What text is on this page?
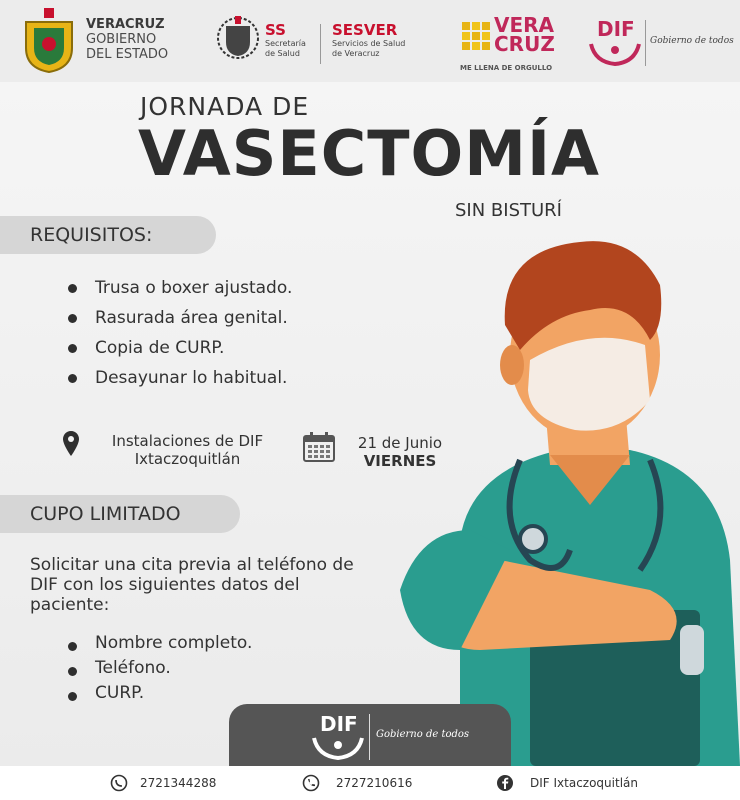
VERACRUZ
GOBIERNO
DEL ESTADO
SS
Secretaría
de Salud
SESVER
Servicios de Salud
de Veracruz
VERA
CRUZ
ME LLENA DE ORGULLO
DIF Gobierno de todos
JORNADA DE
VASECTOMÍA
SIN BISTURÍ
REQUISITOS:
Trusa o boxer ajustado.
Rasurada área genital.
Copia de CURP.
Desayunar lo habitual.
Instalaciones de DIF
Ixtaczoquitlán
21 de Junio
VIERNES
CUPO LIMITADO
Solicitar una cita previa al teléfono de DIF con los siguientes datos del paciente:
Nombre completo.
Teléfono.
CURP.
DIF Gobierno de todos
2721344288	2727210616	DIF Ixtaczoquitlán
